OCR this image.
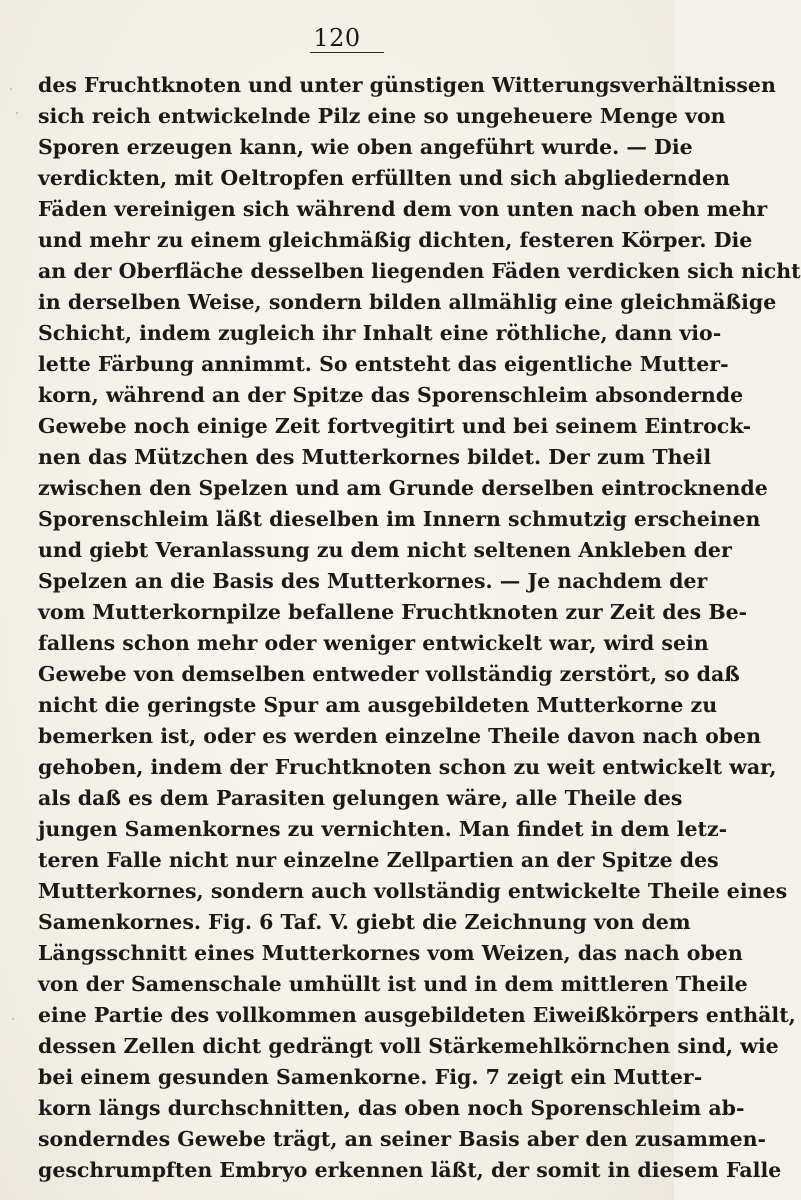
120
des Fruchtknoten und unter günstigen Witterungsverhältnissen
sich reich entwickelnde Pilz eine so ungeheuere Menge von
Sporen erzeugen kann, wie oben angeführt wurde. — Die
verdickten, mit Oeltropfen erfüllten und sich abgliedernden
Fäden vereinigen sich während dem von unten nach oben mehr
und mehr zu einem gleichmäßig dichten, festeren Körper. Die
an der Oberfläche desselben liegenden Fäden verdicken sich nicht
in derselben Weise, sondern bilden allmählig eine gleichmäßige
Schicht, indem zugleich ihr Inhalt eine röthliche, dann vio-
lette Färbung annimmt. So entsteht das eigentliche Mutter-
korn, während an der Spitze das Sporenschleim absondernde
Gewebe noch einige Zeit fortvegitirt und bei seinem Eintrock-
nen das Mützchen des Mutterkornes bildet. Der zum Theil
zwischen den Spelzen und am Grunde derselben eintrocknende
Sporenschleim läßt dieselben im Innern schmutzig erscheinen
und giebt Veranlassung zu dem nicht seltenen Ankleben der
Spelzen an die Basis des Mutterkornes. — Je nachdem der
vom Mutterkornpilze befallene Fruchtknoten zur Zeit des Be-
fallens schon mehr oder weniger entwickelt war, wird sein
Gewebe von demselben entweder vollständig zerstört, so daß
nicht die geringste Spur am ausgebildeten Mutterkorne zu
bemerken ist, oder es werden einzelne Theile davon nach oben
gehoben, indem der Fruchtknoten schon zu weit entwickelt war,
als daß es dem Parasiten gelungen wäre, alle Theile des
jungen Samenkornes zu vernichten. Man findet in dem letz-
teren Falle nicht nur einzelne Zellpartien an der Spitze des
Mutterkornes, sondern auch vollständig entwickelte Theile eines
Samenkornes. Fig. 6 Taf. V. giebt die Zeichnung von dem
Längsschnitt eines Mutterkornes vom Weizen, das nach oben
von der Samenschale umhüllt ist und in dem mittleren Theile
eine Partie des vollkommen ausgebildeten Eiweißkörpers enthält,
dessen Zellen dicht gedrängt voll Stärkemehlkörnchen sind, wie
bei einem gesunden Samenkorne. Fig. 7 zeigt ein Mutter-
korn längs durchschnitten, das oben noch Sporenschleim ab-
sonderndes Gewebe trägt, an seiner Basis aber den zusammen-
geschrumpften Embryo erkennen läßt, der somit in diesem Falle
